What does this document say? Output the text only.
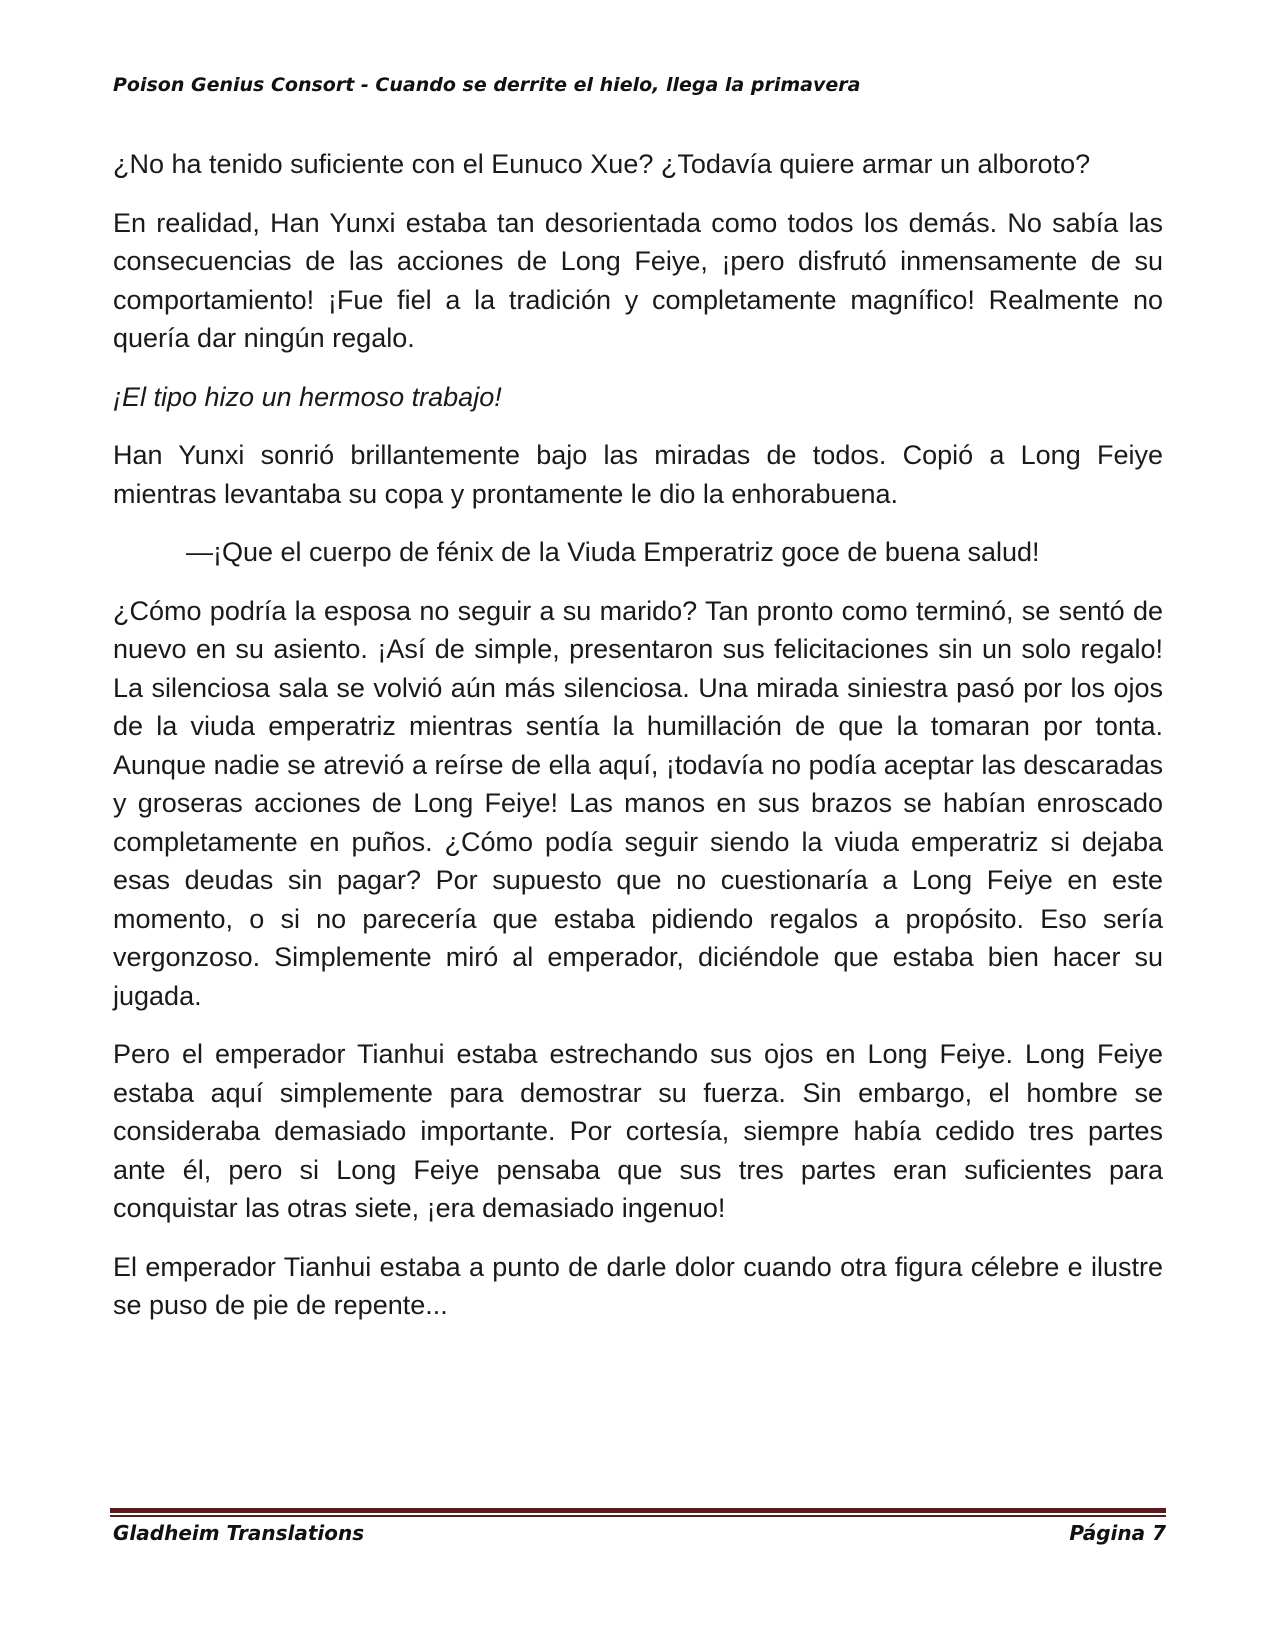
Poison Genius Consort - Cuando se derrite el hielo, llega la primavera

¿No ha tenido suficiente con el Eunuco Xue? ¿Todavía quiere armar un alboroto?

En realidad, Han Yunxi estaba tan desorientada como todos los demás. No sabía las consecuencias de las acciones de Long Feiye, ¡pero disfrutó inmensamente de su comportamiento! ¡Fue fiel a la tradición y completamente magnífico! Realmente no quería dar ningún regalo.

¡El tipo hizo un hermoso trabajo!

Han Yunxi sonrió brillantemente bajo las miradas de todos. Copió a Long Feiye mientras levantaba su copa y prontamente le dio la enhorabuena.

—¡Que el cuerpo de fénix de la Viuda Emperatriz goce de buena salud!

¿Cómo podría la esposa no seguir a su marido? Tan pronto como terminó, se sentó de nuevo en su asiento. ¡Así de simple, presentaron sus felicitaciones sin un solo regalo! La silenciosa sala se volvió aún más silenciosa. Una mirada siniestra pasó por los ojos de la viuda emperatriz mientras sentía la humillación de que la tomaran por tonta. Aunque nadie se atrevió a reírse de ella aquí, ¡todavía no podía aceptar las descaradas y groseras acciones de Long Feiye! Las manos en sus brazos se habían enroscado completamente en puños. ¿Cómo podía seguir siendo la viuda emperatriz si dejaba esas deudas sin pagar? Por supuesto que no cuestionaría a Long Feiye en este momento, o si no parecería que estaba pidiendo regalos a propósito. Eso sería vergonzoso. Simplemente miró al emperador, diciéndole que estaba bien hacer su jugada.

Pero el emperador Tianhui estaba estrechando sus ojos en Long Feiye. Long Feiye estaba aquí simplemente para demostrar su fuerza. Sin embargo, el hombre se consideraba demasiado importante. Por cortesía, siempre había cedido tres partes ante él, pero si Long Feiye pensaba que sus tres partes eran suficientes para conquistar las otras siete, ¡era demasiado ingenuo!

El emperador Tianhui estaba a punto de darle dolor cuando otra figura célebre e ilustre se puso de pie de repente...

Gladheim Translations	Página 7
